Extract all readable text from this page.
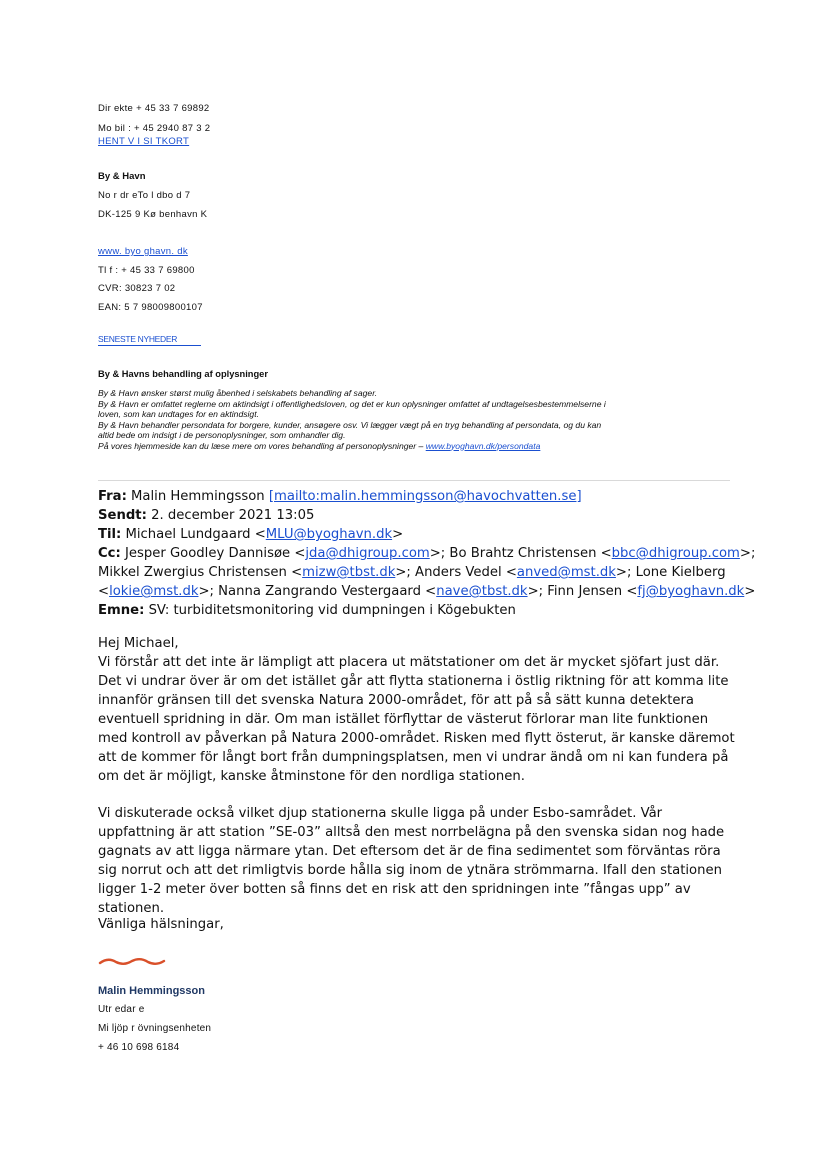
Dir ekte + 45 33 7 69892
Mo bil : + 45 2940 87 3 2
HENT V I SI TKORT
By & Havn
No r dr eTo l dbo d 7
DK-125 9 Kø benhavn K
www. byo ghavn. dk
Tl f : + 45 33 7 69800
CVR: 30823 7 02
EAN: 5 7 98009800107
SENESTE NYHEDER
By & Havns behandling af oplysninger
By & Havn ønsker størst mulig åbenhed i selskabets behandling af sager.
By & Havn er omfattet reglerne om aktindsigt i offentlighedsloven, og det er kun oplysninger omfattet af undtagelsesbestemmelserne i
loven, som kan undtages for en aktindsigt.
By & Havn behandler persondata for borgere, kunder, ansøgere osv. Vi lægger vægt på en tryg behandling af persondata, og du kan
altid bede om indsigt i de personoplysninger, som omhandler dig.
På vores hjemmeside kan du læse mere om vores behandling af personoplysninger – www.byoghavn.dk/persondata
Fra: Malin Hemmingsson [mailto:malin.hemmingsson@havochvatten.se]
Sendt: 2. december 2021 13:05
Til: Michael Lundgaard <MLU@byoghavn.dk>
Cc: Jesper Goodley Dannisøe <jda@dhigroup.com>; Bo Brahtz Christensen <bbc@dhigroup.com>;
Mikkel Zwergius Christensen <mizw@tbst.dk>; Anders Vedel <anved@mst.dk>; Lone Kielberg
<lokie@mst.dk>; Nanna Zangrando Vestergaard <nave@tbst.dk>; Finn Jensen <fj@byoghavn.dk>
Emne: SV: turbiditetsmonitoring vid dumpningen i Kögebukten
Hej Michael,
Vi förstår att det inte är lämpligt att placera ut mätstationer om det är mycket sjöfart just där. Det vi undrar över är om det istället går att flytta stationerna i östlig riktning för att komma lite innanför gränsen till det svenska Natura 2000-området, för att på så sätt kunna detektera eventuell spridning in där. Om man istället förflyttar de västerut förlorar man lite funktionen med kontroll av påverkan på Natura 2000-området. Risken med flytt österut, är kanske däremot att de kommer för långt bort från dumpningsplatsen, men vi undrar ändå om ni kan fundera på om det är möjligt, kanske åtminstone för den nordliga stationen.
Vi diskuterade också vilket djup stationerna skulle ligga på under Esbo-samrådet. Vår uppfattning är att station ”SE-03” alltså den mest norrbelägna på den svenska sidan nog hade gagnats av att ligga närmare ytan. Det eftersom det är de fina sedimentet som förväntas röra sig norrut och att det rimligtvis borde hålla sig inom de ytnära strömmarna. Ifall den stationen ligger 1-2 meter över botten så finns det en risk att den spridningen inte ”fångas upp” av stationen.
Vänliga hälsningar,
Malin Hemmingsson
Utr edar e
Mi ljöp r övningsenheten
+ 46 10 698 6184
